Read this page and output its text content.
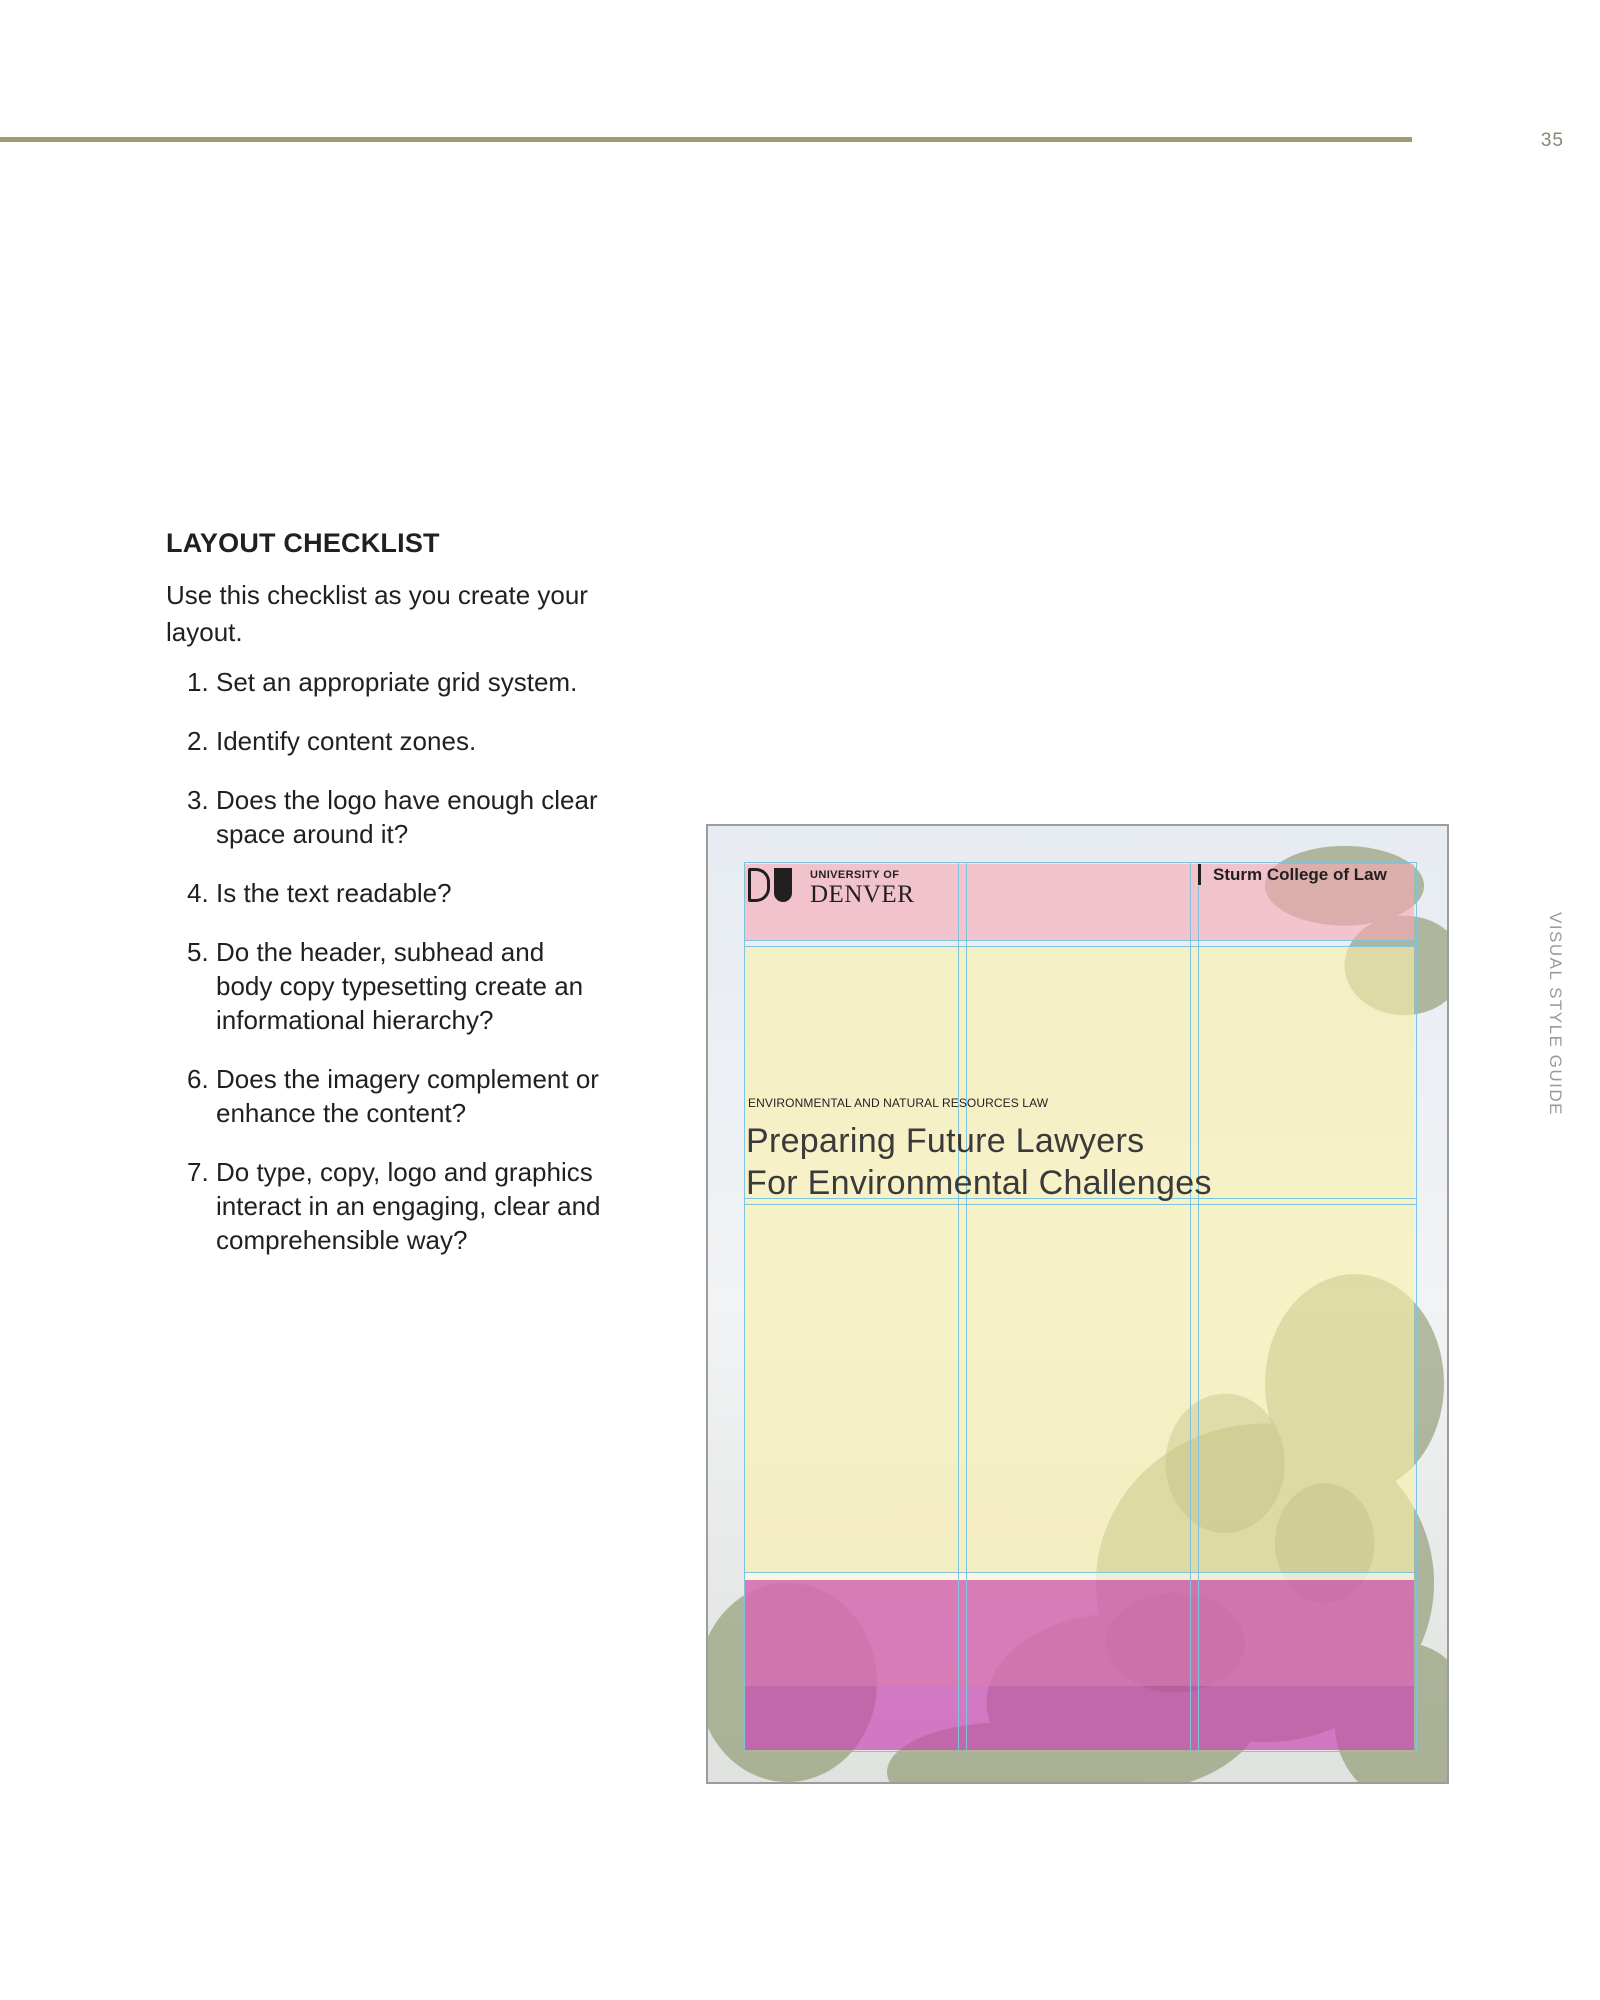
35
VISUAL STYLE GUIDE
LAYOUT CHECKLIST

Use this checklist as you create your layout.

1. Set an appropriate grid system.
2. Identify content zones.
3. Does the logo have enough clear space around it?
4. Is the text readable?
5. Do the header, subhead and body copy typesetting create an informational hierarchy?
6. Does the imagery complement or enhance the content?
7. Do type, copy, logo and graphics interact in an engaging, clear and comprehensible way?
UNIVERSITY OF
DENVER
Sturm College of Law
ENVIRONMENTAL AND NATURAL RESOURCES LAW
Preparing Future Lawyers
For Environmental Challenges
